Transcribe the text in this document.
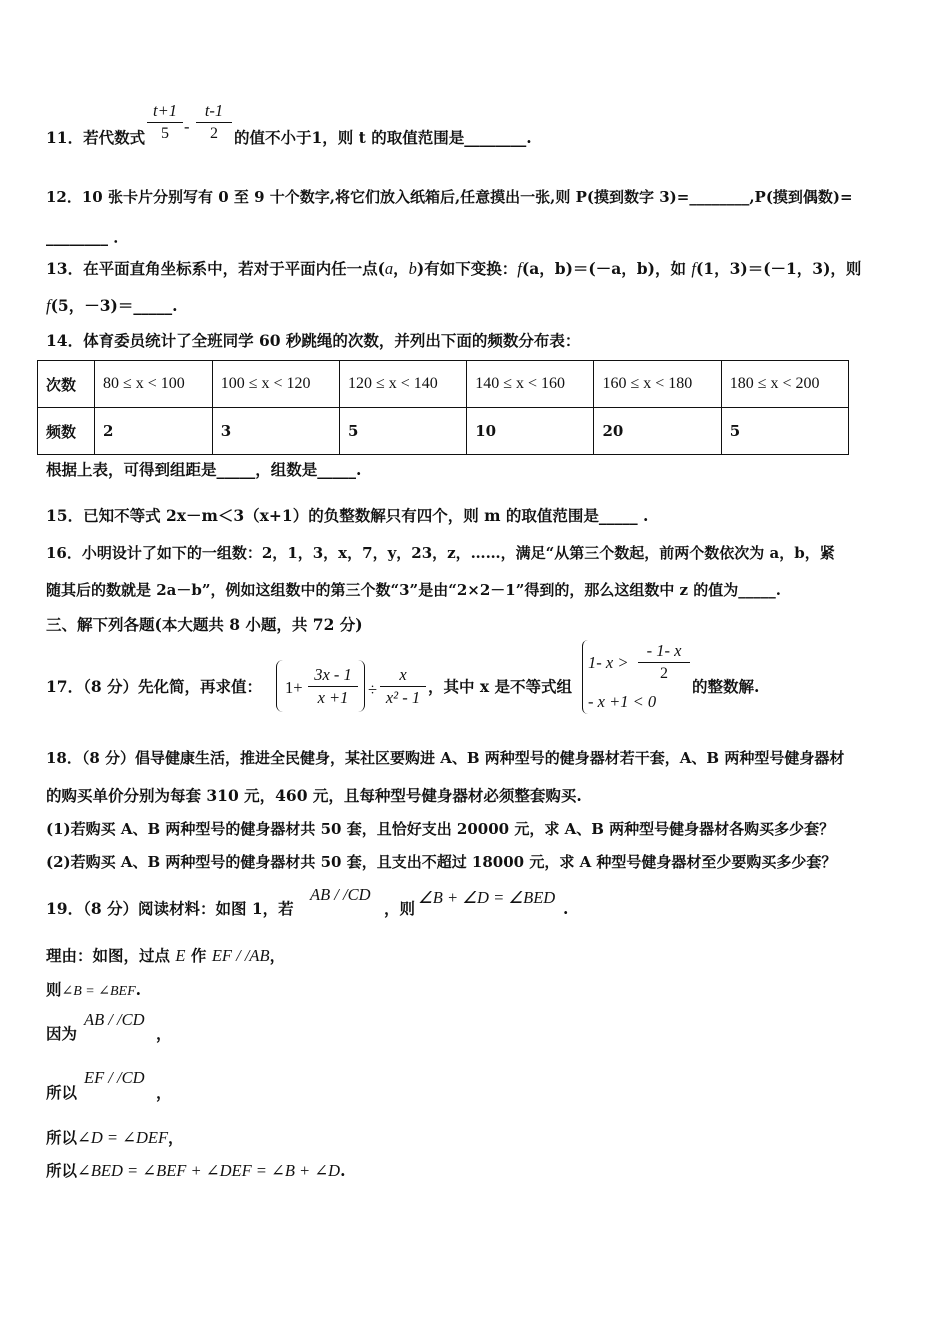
11．若代数式 $\frac{t+1}{5} - \frac{t-1}{2}$ 的值不小于1，则 t 的取值范围是________.
12．10 张卡片分别写有 0 至 9 十个数字,将它们放入纸箱后,任意摸出一张,则 P(摸到数字 3)=________,P(摸到偶数)=
________ ．
13．在平面直角坐标系中，若对于平面内任一点(a，b)有如下变换：f(a，b)＝(－a，b)，如 f(1，3)＝(－1，3)，则
f(5，－3)＝_____.
14．体育委员统计了全班同学 60 秒跳绳的次数，并列出下面的频数分布表：
次数	80 ≤ x < 100	100 ≤ x < 120	120 ≤ x < 140	140 ≤ x < 160	160 ≤ x < 180	180 ≤ x < 200
频数	2	3	5	10	20	5
根据上表，可得到组距是_____，组数是_____.
15．已知不等式 2x－m＜3（x+1）的负整数解只有四个，则 m 的取值范围是_____ .
16．小明设计了如下的一组数：2，1，3，x，7，y，23，z，……，满足“从第三个数起，前两个数依次为 a，b，紧
随其后的数就是 2a－b”，例如这组数中的第三个数“3”是由“2×2－1”得到的，那么这组数中 z 的值为_____.
三、解下列各题(本大题共 8 小题，共 72 分)
17．（8 分）先化简，再求值： $1+ \frac{3x - 1}{x +1} \div \frac{x}{\text{x² - 1}}$ ，其中 x 是不等式组
1- $x > \frac{- 1- x}{2}$
- x +1 < 0
的整数解.
18．（8 分）倡导健康生活，推进全民健身，某社区要购进 A、B 两种型号的健身器材若干套，A、B 两种型号健身器材
的购买单价分别为每套 310 元，460 元，且每种型号健身器材必须整套购买.
(1)若购买 A、B 两种型号的健身器材共 50 套，且恰好支出 20000 元，求 A、B 两种型号健身器材各购买多少套？
(2)若购买 A、B 两种型号的健身器材共 50 套，且支出不超过 18000 元，求 A 种型号健身器材至少要购买多少套？
19．（8 分）阅读材料：如图 1，若
AB / /CD
，则
∠B + ∠D = ∠BED
.
理由：如图，过点 E 作 EF / /AB，
则∠B = ∠BEF.
因为
AB / /CD
，
所以
EF / /CD
，
所以∠D = ∠DEF，
所以∠BED = ∠BEF + ∠DEF = ∠B + ∠D.
